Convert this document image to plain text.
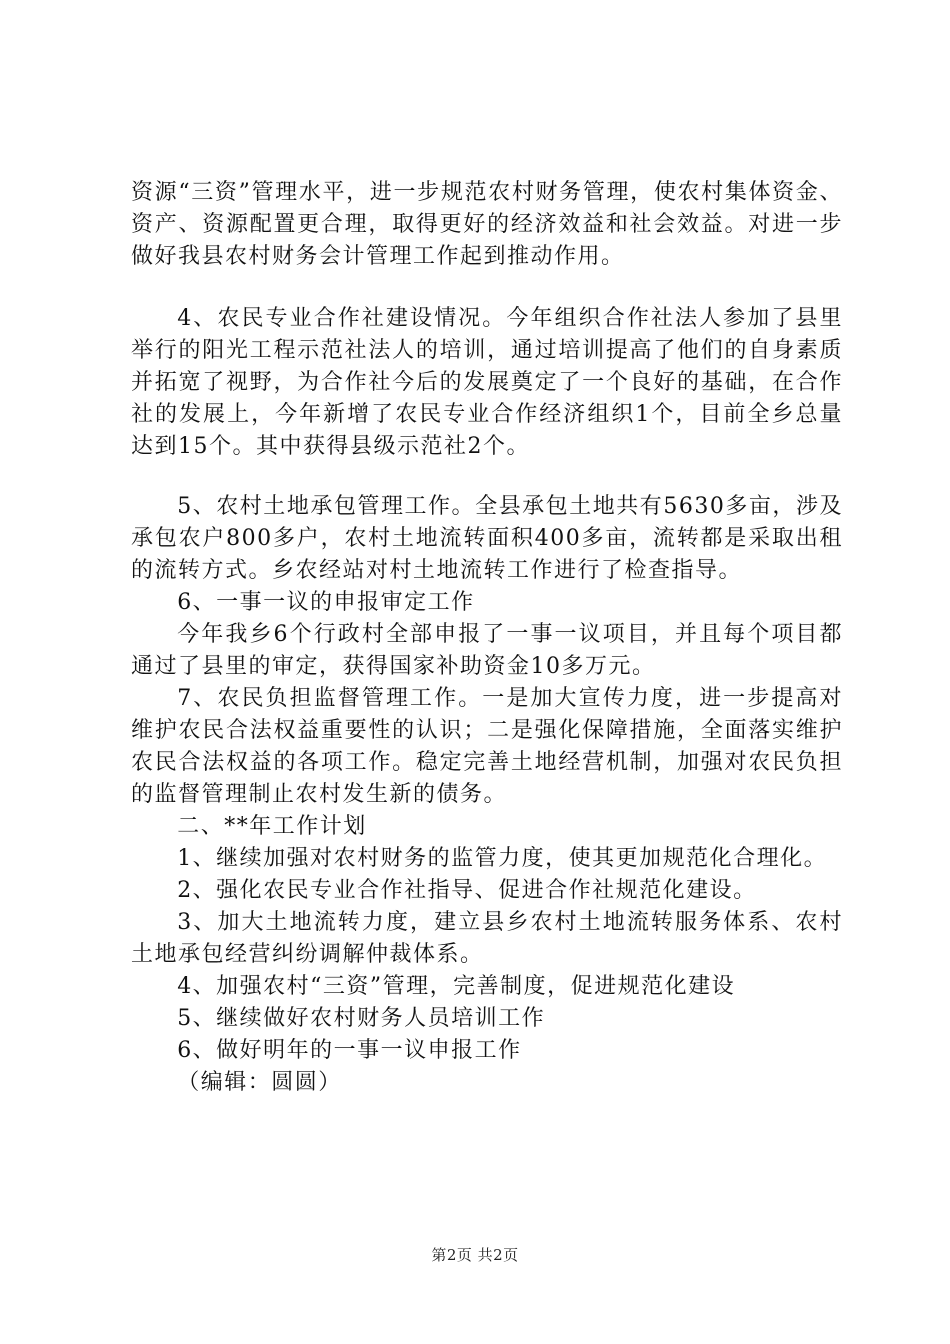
资源“三资”管理水平，进一步规范农村财务管理，使农村集体资金、资产、资源配置更合理，取得更好的经济效益和社会效益。对进一步做好我县农村财务会计管理工作起到推动作用。

4、农民专业合作社建设情况。今年组织合作社法人参加了县里举行的阳光工程示范社法人的培训，通过培训提高了他们的自身素质并拓宽了视野，为合作社今后的发展奠定了一个良好的基础，在合作社的发展上，今年新增了农民专业合作经济组织1个，目前全乡总量达到15个。其中获得县级示范社2个。

5、农村土地承包管理工作。全县承包土地共有5630多亩，涉及承包农户800多户，农村土地流转面积400多亩，流转都是采取出租的流转方式。乡农经站对村土地流转工作进行了检查指导。

6、一事一议的申报审定工作

今年我乡6个行政村全部申报了一事一议项目，并且每个项目都通过了县里的审定，获得国家补助资金10多万元。

7、农民负担监督管理工作。一是加大宣传力度，进一步提高对维护农民合法权益重要性的认识；二是强化保障措施，全面落实维护农民合法权益的各项工作。稳定完善土地经营机制，加强对农民负担的监督管理制止农村发生新的债务。

二、**年工作计划

1、继续加强对农村财务的监管力度，使其更加规范化合理化。

2、强化农民专业合作社指导、促进合作社规范化建设。

3、加大土地流转力度，建立县乡农村土地流转服务体系、农村土地承包经营纠纷调解仲裁体系。

4、加强农村“三资”管理，完善制度，促进规范化建设

5、继续做好农村财务人员培训工作

6、做好明年的一事一议申报工作

（编辑：圆圆）

第2页 共2页
